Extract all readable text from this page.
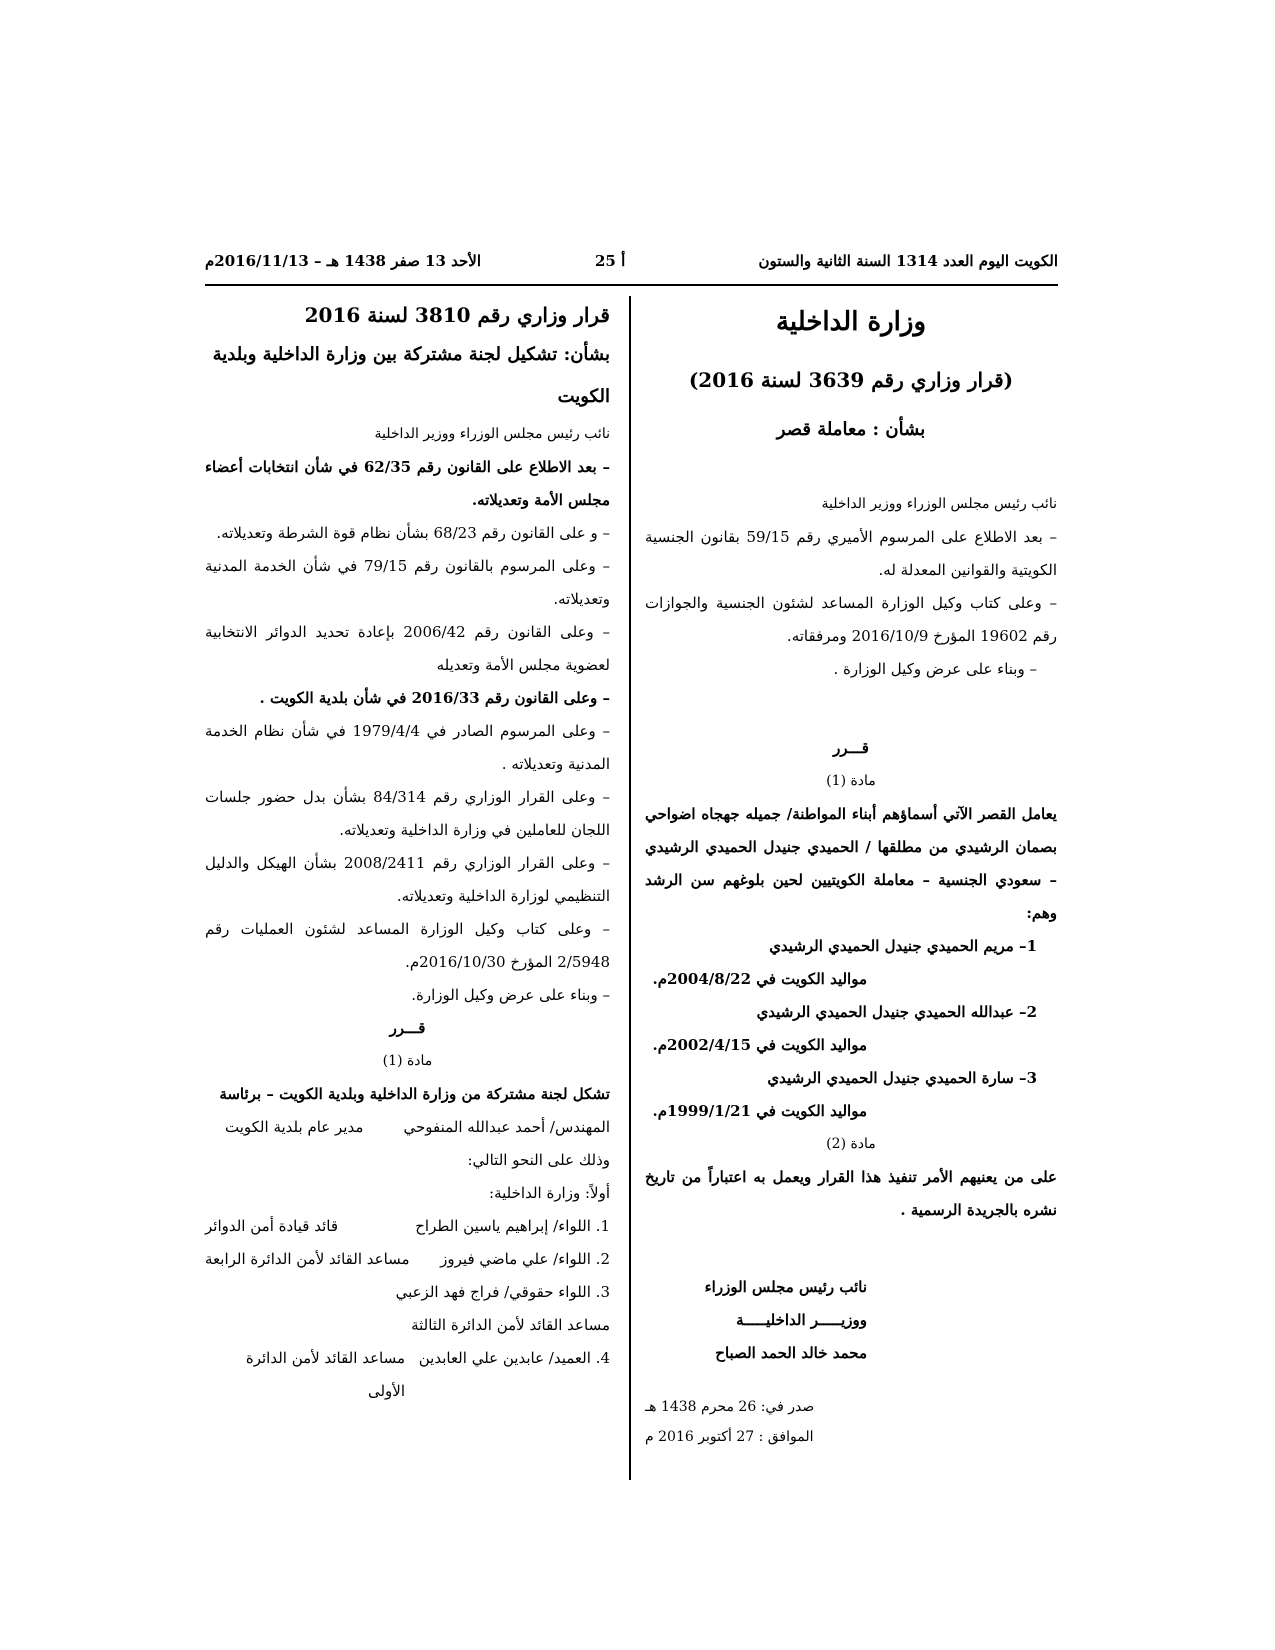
الكويت اليوم العدد 1314 السنة الثانية والستون
أ 25
الأحد 13 صفر 1438 هـ – 2016/11/13م

وزارة الداخلية

(قرار وزاري رقم 3639 لسنة 2016)

بشأن : معاملة قصر

نائب رئيس مجلس الوزراء ووزير الداخلية

– بعد الاطلاع على المرسوم الأميري رقم 59/15 بقانون الجنسية الكويتية والقوانين المعدلة له.

– وعلى كتاب وكيل الوزارة المساعد لشئون الجنسية والجوازات رقم 19602 المؤرخ 2016/10/9 ومرفقاته.

– وبناء على عرض وكيل الوزارة .

قـــرر

مادة (1)

يعامل القصر الآتي أسماؤهم أبناء المواطنة/ جميله جهجاه اضواحي بصمان الرشيدي من مطلقها / الحميدي جنيدل الحميدي الرشيدي – سعودي الجنسية – معاملة الكويتيين لحين بلوغهم سن الرشد وهم:

1– مريم الحميدي جنيدل الحميدي الرشيدي

مواليد الكويت في 2004/8/22م.

2– عبدالله الحميدي جنيدل الحميدي الرشيدي

مواليد الكويت في 2002/4/15م.

3– سارة الحميدي جنيدل الحميدي الرشيدي

مواليد الكويت في 1999/1/21م.

مادة (2)

على من يعنيهم الأمر تنفيذ هذا القرار ويعمل به اعتباراً من تاريخ نشره بالجريدة الرسمية .

نائب رئيس مجلس الوزراء

ووزيـــــر الداخليـــــة

محمد خالد الحمد الصباح

صدر في: 26 محرم 1438 هـ

الموافق : 27 أكتوبر 2016 م

قرار وزاري رقم 3810 لسنة 2016

بشأن: تشكيل لجنة مشتركة بين وزارة الداخلية وبلدية الكويت

نائب رئيس مجلس الوزراء ووزير الداخلية

– بعد الاطلاع على القانون رقم 62/35 في شأن انتخابات أعضاء مجلس الأمة وتعديلاته.

– و على القانون رقم 68/23 بشأن نظام قوة الشرطة وتعديلاته.

– وعلى المرسوم بالقانون رقم 79/15 في شأن الخدمة المدنية وتعديلاته.

– وعلى القانون رقم 2006/42 بإعادة تحديد الدوائر الانتخابية لعضوية مجلس الأمة وتعديله

– وعلى القانون رقم 2016/33 في شأن بلدية الكويت .

– وعلى المرسوم الصادر في 1979/4/4 في شأن نظام الخدمة المدنية وتعديلاته .

– وعلى القرار الوزاري رقم 84/314 بشأن بدل حضور جلسات اللجان للعاملين في وزارة الداخلية وتعديلاته.

– وعلى القرار الوزاري رقم 2008/2411 بشأن الهيكل والدليل التنظيمي لوزارة الداخلية وتعديلاته.

– وعلى كتاب وكيل الوزارة المساعد لشئون العمليات رقم 2/5948 المؤرخ 2016/10/30م.

– وبناء على عرض وكيل الوزارة.

قـــرر

مادة (1)

تشكل لجنة مشتركة من وزارة الداخلية وبلدية الكويت – برئاسة

المهندس/ أحمد عبدالله المنفوحي
مدير عام بلدية الكويت

وذلك على النحو التالي:

أولاً: وزارة الداخلية:

1. اللواء/ إبراهيم ياسين الطراح
قائد قيادة أمن الدوائر
2. اللواء/ علي ماضي فيروز
مساعد القائد لأمن الدائرة الرابعة
3. اللواء حقوقي/ فراج فهد الزعبي
مساعد القائد لأمن الدائرة الثالثة
4. العميد/ عابدين علي العابدين
مساعد القائد لأمن الدائرة الأولى
